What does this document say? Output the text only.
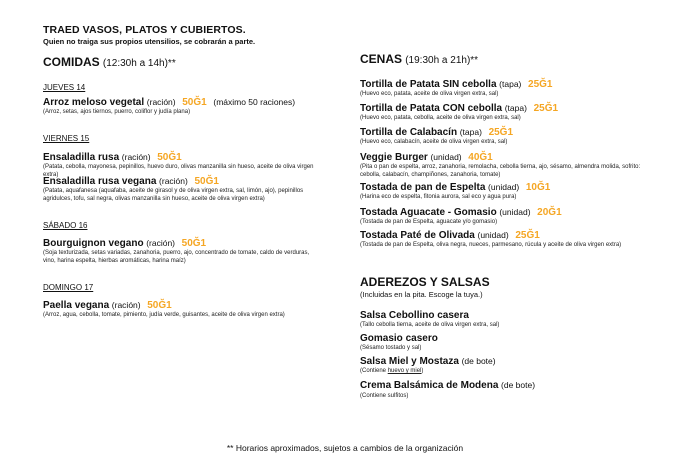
TRAED VASOS, PLATOS Y CUBIERTOS.
Quien no traiga sus propios utensilios, se cobrarán a parte.
COMIDAS (12:30h a 14h)**
JUEVES 14
Arroz meloso vegetal (ración) 50Ğ1 (máximo 50 raciones)
(Arroz, setas, ajos tiernos, puerro, coliflor y judía plana)
VIERNES 15
Ensaladilla rusa (ración) 50Ğ1
(Patata, cebolla, mayonesa, pepinillos, huevo duro, olivas manzanilla sin hueso, aceite de oliva virgen extra)
Ensaladilla rusa vegana (ración) 50Ğ1
(Patata, aquafanesa (aquafaba, aceite de girasol y de oliva virgen extra, sal, limón, ajo), pepinillos agridulces, tofu, sal negra, olivas manzanilla sin hueso, aceite de oliva virgen extra)
SÁBADO 16
Bourguignon vegano (ración) 50Ğ1
(Soja texturizada, setas variadas, zanahoria, puerro, ajo, concentrado de tomate, caldo de verduras, vino, harina espelta, hierbas aromáticas, harina maíz)
DOMINGO 17
Paella vegana (ración) 50Ğ1
(Arroz, agua, cebolla, tomate, pimiento, judía verde, guisantes, aceite de oliva virgen extra)
CENAS (19:30h a 21h)**
Tortilla de Patata SIN cebolla (tapa) 25Ğ1
(Huevo eco, patata, aceite de oliva virgen extra, sal)
Tortilla de Patata CON cebolla (tapa) 25Ğ1
(Huevo eco, patata, cebolla, aceite de oliva virgen extra, sal)
Tortilla de Calabacín (tapa) 25Ğ1
(Huevo eco, calabacín, aceite de oliva virgen extra, sal)
Veggie Burger (unidad) 40Ğ1
(Pita o pan de espelta, arroz, zanahoria, remolacha, cebolla tierna, ajo, sésamo, almendra molida, sofrito: cebolla, calabacín, champiñones, zanahoria, tomate)
Tostada de pan de Espelta (unidad) 10Ğ1
(Harina eco de espelta, fitonia aurora, sal eco y agua pura)
Tostada Aguacate - Gomasio (unidad) 20Ğ1
(Tostada de pan de Espelta, aguacate y/o gomasio)
Tostada Paté de Olivada (unidad) 25Ğ1
(Tostada de pan de Espelta, oliva negra, nueces, parmesano, rúcula y aceite de oliva virgen extra)
ADEREZOS Y SALSAS
(Incluidas en la pita. Escoge la tuya.)
Salsa Cebollino casera
(Tallo cebolla tierna, aceite de oliva virgen extra, sal)
Gomasio casero
(Sésamo tostado y sal)
Salsa Miel y Mostaza (de bote)
(Contiene huevo y miel)
Crema Balsámica de Modena (de bote)
(Contiene sulfitos)
** Horarios aproximados, sujetos a cambios de la organización
